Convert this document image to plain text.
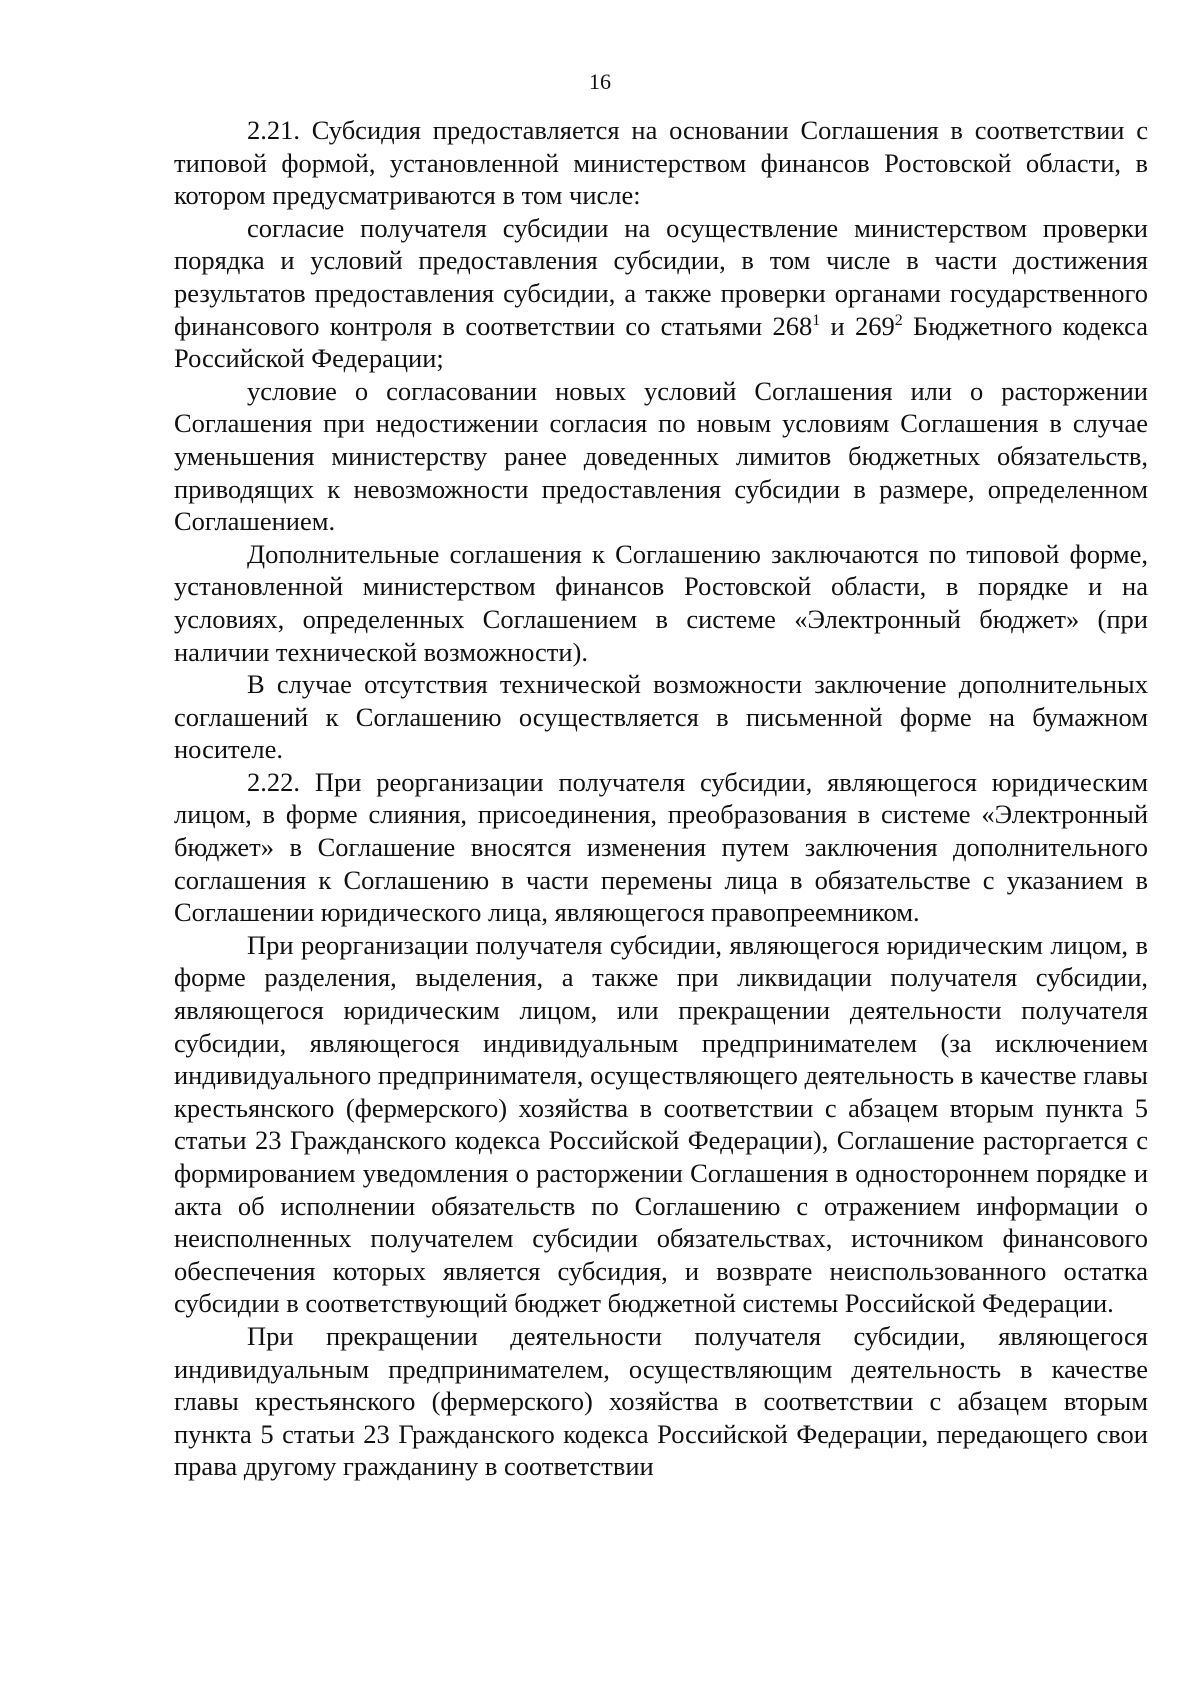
16

2.21. Субсидия предоставляется на основании Соглашения в соответствии с типовой формой, установленной министерством финансов Ростовской области, в котором предусматриваются в том числе:

согласие получателя субсидии на осуществление министерством проверки порядка и условий предоставления субсидии, в том числе в части достижения результатов предоставления субсидии, а также проверки органами государственного финансового контроля в соответствии со статьями $268^1$ и $269^2$ Бюджетного кодекса Российской Федерации;

условие о согласовании новых условий Соглашения или о расторжении Соглашения при недостижении согласия по новым условиям Соглашения в случае уменьшения министерству ранее доведенных лимитов бюджетных обязательств, приводящих к невозможности предоставления субсидии в размере, определенном Соглашением.

Дополнительные соглашения к Соглашению заключаются по типовой форме, установленной министерством финансов Ростовской области, в порядке и на условиях, определенных Соглашением в системе «Электронный бюджет» (при наличии технической возможности).

В случае отсутствия технической возможности заключение дополнительных соглашений к Соглашению осуществляется в письменной форме на бумажном носителе.

2.22. При реорганизации получателя субсидии, являющегося юридическим лицом, в форме слияния, присоединения, преобразования в системе «Электронный бюджет» в Соглашение вносятся изменения путем заключения дополнительного соглашения к Соглашению в части перемены лица в обязательстве с указанием в Соглашении юридического лица, являющегося правопреемником.

При реорганизации получателя субсидии, являющегося юридическим лицом, в форме разделения, выделения, а также при ликвидации получателя субсидии, являющегося юридическим лицом, или прекращении деятельности получателя субсидии, являющегося индивидуальным предпринимателем (за исключением индивидуального предпринимателя, осуществляющего деятельность в качестве главы крестьянского (фермерского) хозяйства в соответствии с абзацем вторым пункта 5 статьи 23 Гражданского кодекса Российской Федерации), Соглашение расторгается с формированием уведомления о расторжении Соглашения в одностороннем порядке и акта об исполнении обязательств по Соглашению с отражением информации о неисполненных получателем субсидии обязательствах, источником финансового обеспечения которых является субсидия, и возврате неиспользованного остатка субсидии в соответствующий бюджет бюджетной системы Российской Федерации.

При прекращении деятельности получателя субсидии, являющегося индивидуальным предпринимателем, осуществляющим деятельность в качестве главы крестьянского (фермерского) хозяйства в соответствии с абзацем вторым пункта 5 статьи 23 Гражданского кодекса Российской Федерации, передающего свои права другому гражданину в соответствии
